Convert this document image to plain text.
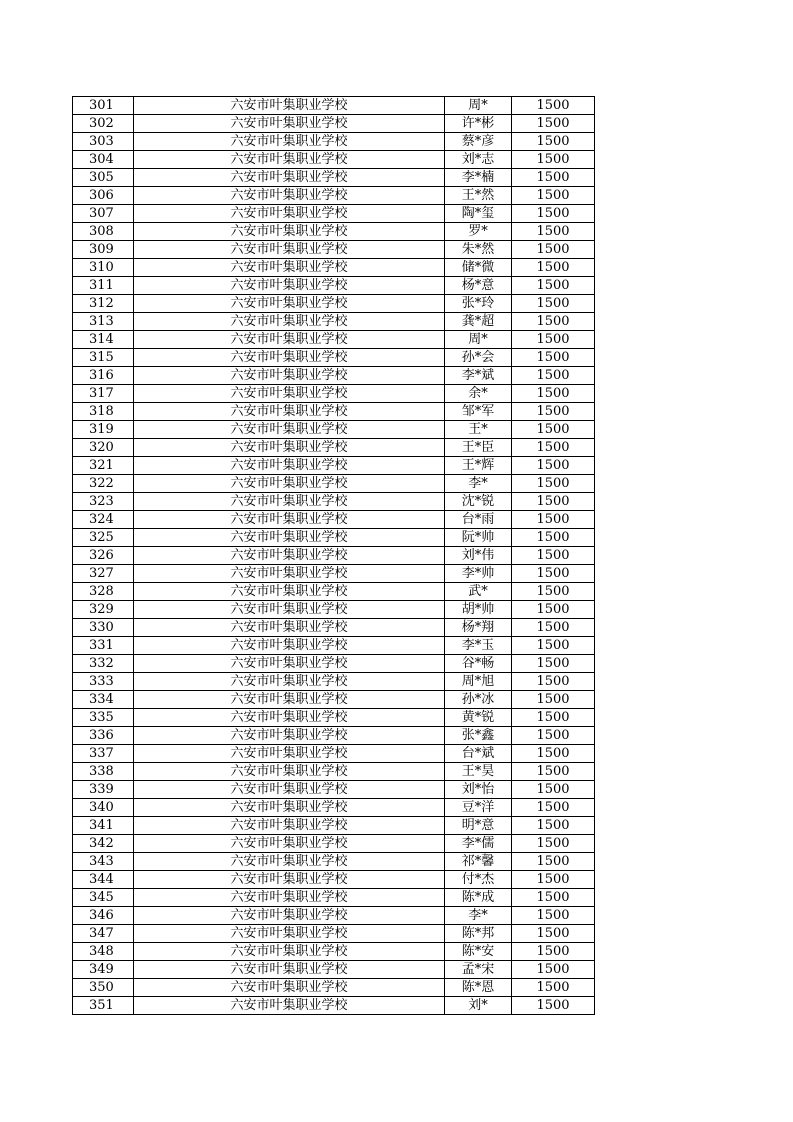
301	六安市叶集职业学校	周*	1500
302	六安市叶集职业学校	许*彬	1500
303	六安市叶集职业学校	蔡*彦	1500
304	六安市叶集职业学校	刘*志	1500
305	六安市叶集职业学校	李*楠	1500
306	六安市叶集职业学校	王*然	1500
307	六安市叶集职业学校	陶*玺	1500
308	六安市叶集职业学校	罗*	1500
309	六安市叶集职业学校	朱*然	1500
310	六安市叶集职业学校	储*微	1500
311	六安市叶集职业学校	杨*意	1500
312	六安市叶集职业学校	张*玲	1500
313	六安市叶集职业学校	龚*超	1500
314	六安市叶集职业学校	周*	1500
315	六安市叶集职业学校	孙*会	1500
316	六安市叶集职业学校	李*斌	1500
317	六安市叶集职业学校	余*	1500
318	六安市叶集职业学校	邹*军	1500
319	六安市叶集职业学校	王*	1500
320	六安市叶集职业学校	王*臣	1500
321	六安市叶集职业学校	王*辉	1500
322	六安市叶集职业学校	李*	1500
323	六安市叶集职业学校	沈*锐	1500
324	六安市叶集职业学校	台*雨	1500
325	六安市叶集职业学校	阮*帅	1500
326	六安市叶集职业学校	刘*伟	1500
327	六安市叶集职业学校	李*帅	1500
328	六安市叶集职业学校	武*	1500
329	六安市叶集职业学校	胡*帅	1500
330	六安市叶集职业学校	杨*翔	1500
331	六安市叶集职业学校	李*玉	1500
332	六安市叶集职业学校	谷*畅	1500
333	六安市叶集职业学校	周*旭	1500
334	六安市叶集职业学校	孙*冰	1500
335	六安市叶集职业学校	黄*锐	1500
336	六安市叶集职业学校	张*鑫	1500
337	六安市叶集职业学校	台*斌	1500
338	六安市叶集职业学校	王*昊	1500
339	六安市叶集职业学校	刘*怡	1500
340	六安市叶集职业学校	豆*洋	1500
341	六安市叶集职业学校	明*意	1500
342	六安市叶集职业学校	李*儒	1500
343	六安市叶集职业学校	祁*馨	1500
344	六安市叶集职业学校	付*杰	1500
345	六安市叶集职业学校	陈*成	1500
346	六安市叶集职业学校	李*	1500
347	六安市叶集职业学校	陈*邦	1500
348	六安市叶集职业学校	陈*安	1500
349	六安市叶集职业学校	孟*宋	1500
350	六安市叶集职业学校	陈*恩	1500
351	六安市叶集职业学校	刘*	1500
